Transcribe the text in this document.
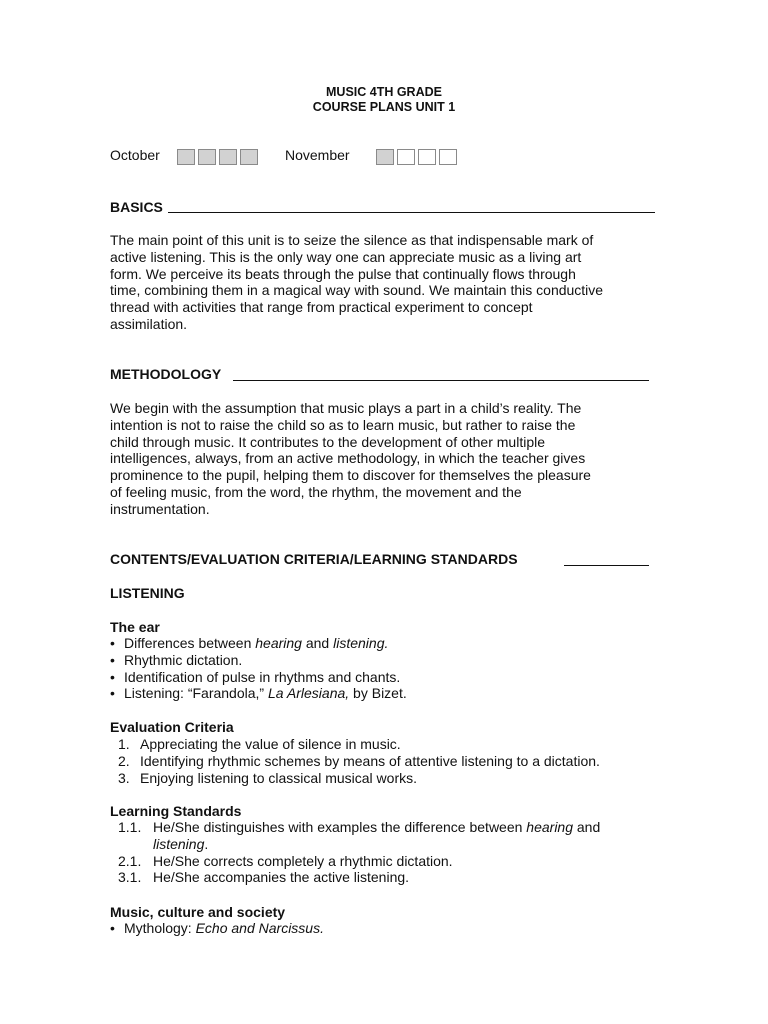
MUSIC 4TH GRADE
COURSE PLANS UNIT 1
October	November
BASICS
The main point of this unit is to seize the silence as that indispensable mark of
active listening. This is the only way one can appreciate music as a living art
form. We perceive its beats through the pulse that continually flows through
time, combining them in a magical way with sound. We maintain this conductive
thread with activities that range from practical experiment to concept
assimilation.
METHODOLOGY
We begin with the assumption that music plays a part in a child’s reality. The
intention is not to raise the child so as to learn music, but rather to raise the
child through music. It contributes to the development of other multiple
intelligences, always, from an active methodology, in which the teacher gives
prominence to the pupil, helping them to discover for themselves the pleasure
of feeling music, from the word, the rhythm, the movement and the
instrumentation.
CONTENTS/EVALUATION CRITERIA/LEARNING STANDARDS
LISTENING
The ear
• Differences between hearing and listening.
• Rhythmic dictation.
• Identification of pulse in rhythms and chants.
• Listening: “Farandola,” La Arlesiana, by Bizet.
Evaluation Criteria
1. Appreciating the value of silence in music.
2. Identifying rhythmic schemes by means of attentive listening to a dictation.
3. Enjoying listening to classical musical works.
Learning Standards
1.1. He/She distinguishes with examples the difference between hearing and
listening.
2.1. He/She corrects completely a rhythmic dictation.
3.1. He/She accompanies the active listening.
Music, culture and society
• Mythology: Echo and Narcissus.
